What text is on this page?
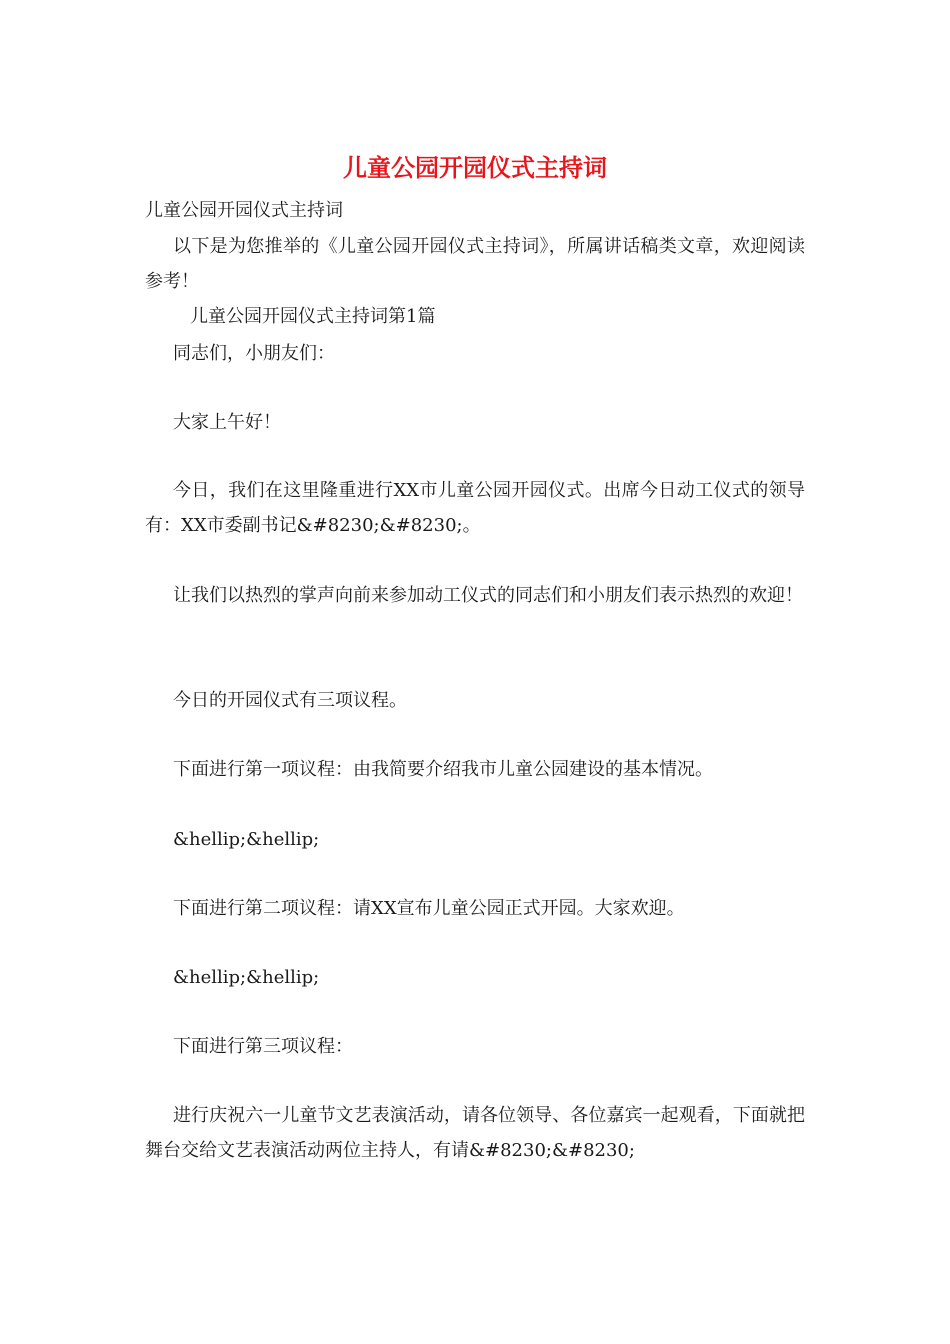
儿童公园开园仪式主持词

儿童公园开园仪式主持词

以下是为您推举的《儿童公园开园仪式主持词》，所属讲话稿类文章，欢迎阅读参考！

儿童公园开园仪式主持词第1篇

同志们，小朋友们：

大家上午好！

今日，我们在这里隆重进行XX市儿童公园开园仪式。出席今日动工仪式的领导有：XX市委副书记&#8230;&#8230;。

让我们以热烈的掌声向前来参加动工仪式的同志们和小朋友们表示热烈的欢迎！

今日的开园仪式有三项议程。

下面进行第一项议程：由我简要介绍我市儿童公园建设的基本情况。

&hellip;&hellip;

下面进行第二项议程：请XX宣布儿童公园正式开园。大家欢迎。

&hellip;&hellip;

下面进行第三项议程：

进行庆祝六一儿童节文艺表演活动，请各位领导、各位嘉宾一起观看，下面就把舞台交给文艺表演活动两位主持人，有请&#8230;&#8230;
